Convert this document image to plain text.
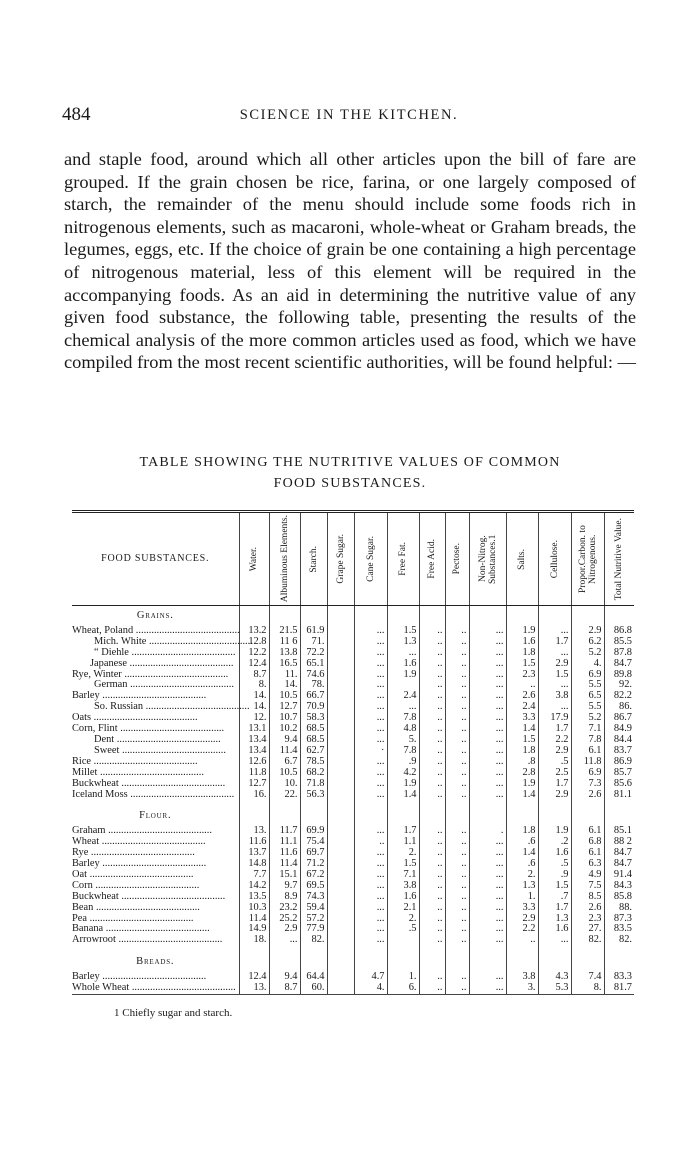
484	SCIENCE IN THE KITCHEN.

and staple food, around which all other articles upon the bill of fare are grouped. If the grain chosen be rice, farina, or one largely composed of starch, the remainder of the menu should include some foods rich in nitrogenous elements, such as macaroni, whole-wheat or Graham breads, the legumes, eggs, etc. If the choice of grain be one containing a high percentage of nitrogenous material, less of this element will be required in the accompanying foods. As an aid in determining the nutritive value of any given food substance, the following table, presenting the results of the chemical analysis of the more common articles used as food, which we have compiled from the most recent scientific authorities, will be found helpful: —

TABLE SHOWING THE NUTRITIVE VALUES OF COMMON
FOOD SUBSTANCES.
FOOD SUBSTANCES.	Water.	Albuminous Elements.	Starch.	Grape Sugar.	Cane Sugar.	Free Fat.	Free Acid.	Pectose.	Non-Nitrog. Substances.1	Salts.	Cellulose.	Propor.Carbon. to Nitrogenous.	Total Nutritive Value.

Grains.													
Wheat, Poland ........................................	13.2	21.5	61.9		...	1.5	..	..	...	1.9	...	2.9	86.8
Mich. White ........................................	12.8	11 6	71.		...	1.3	..	..	...	1.6	1.7	6.2	85.5
“ Diehle ........................................	12.2	13.8	72.2		...	...	..	..	...	1.8	...	5.2	87.8
Japanese ........................................	12.4	16.5	65.1		...	1.6	..	..	...	1.5	2.9	4.	84.7
Rye, Winter ........................................	8.7	11.	74.6		...	1.9	..	..	...	2.3	1.5	6.9	89.8
German ........................................	8.	14.	78.		...		..	..	...	..	...	5.5	92.
Barley ........................................	14.	10.5	66.7		...	2.4	..	..	...	2.6	3.8	6.5	82.2
So. Russian ........................................	14.	12.7	70.9		...	...	..	..	...	2.4	...	5.5	86.
Oats ........................................	12.	10.7	58.3		...	7.8	..	..	...	3.3	17.9	5.2	86.7
Corn, Flint ........................................	13.1	10.2	68.5		...	4.8	..	..	...	1.4	1.7	7.1	84.9
Dent ........................................	13.4	9.4	68.5		...	5.	..	..	...	1.5	2.2	7.8	84.4
Sweet ........................................	13.4	11.4	62.7		·	7.8	..	..	...	1.8	2.9	6.1	83.7
Rice ........................................	12.6	6.7	78.5		...	.9	..	..	...	.8	.5	11.8	86.9
Millet ........................................	11.8	10.5	68.2		...	4.2	..	..	...	2.8	2.5	6.9	85.7
Buckwheat ........................................	12.7	10.	71.8		...	1.9	..	..	...	1.9	1.7	7.3	85.6
Iceland Moss ........................................	16.	22.	56.3		...	1.4	..	..	...	1.4	2.9	2.6	81.1

Flour.													
Graham ........................................	13.	11.7	69.9		...	1.7	..	..	.	1.8	1.9	6.1	85.1
Wheat ........................................	11.6	11.1	75.4		..	1.1	..	..	...	.6	.2	6.8	88 2
Rye ........................................	13.7	11.6	69.7		...	2.	..	..	...	1.4	1.6	6.1	84.7
Barley ........................................	14.8	11.4	71.2		...	1.5	..	..	...	.6	.5	6.3	84.7
Oat ........................................	7.7	15.1	67.2		...	7.1	..	..	...	2.	.9	4.9	91.4
Corn ........................................	14.2	9.7	69.5		...	3.8	..	..	...	1.3	1.5	7.5	84.3
Buckwheat ........................................	13.5	8.9	74.3		...	1.6	..	..	...	1.	.7	8.5	85.8
Bean ........................................	10.3	23.2	59.4		...	2.1	..	..	...	3.3	1.7	2.6	88.
Pea ........................................	11.4	25.2	57.2		...	2.	..	..	...	2.9	1.3	2.3	87.3
Banana ........................................	14.9	2.9	77.9		...	.5	..	..	...	2.2	1.6	27.	83.5
Arrowroot ........................................	18.	...	82.		...		..	..	...	..	...	82.	82.

Breads.													
Barley ........................................	12.4	9.4	64.4		4.7	1.	..	..	...	3.8	4.3	7.4	83.3
Whole Wheat ........................................	13.	8.7	60.		4.	6.	..	..	...	3.	5.3	8.	81.7
1 Chiefly sugar and starch.
